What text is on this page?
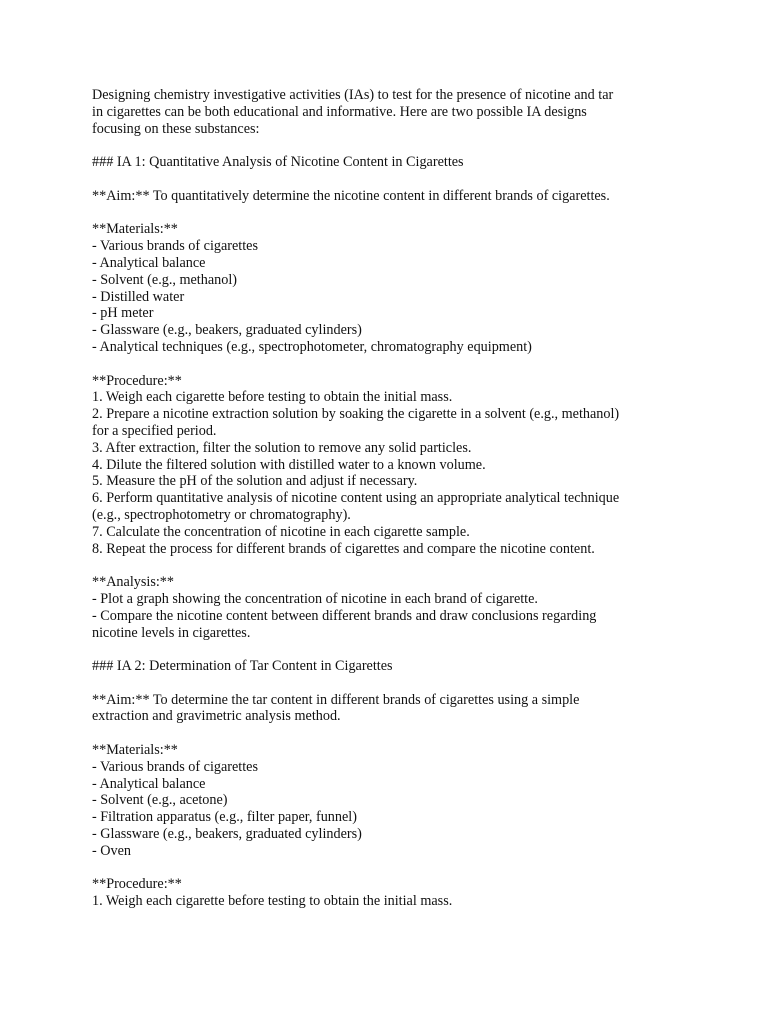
Designing chemistry investigative activities (IAs) to test for the presence of nicotine and tar
in cigarettes can be both educational and informative. Here are two possible IA designs
focusing on these substances:
### IA 1: Quantitative Analysis of Nicotine Content in Cigarettes
**Aim:** To quantitatively determine the nicotine content in different brands of cigarettes.
**Materials:**
- Various brands of cigarettes
- Analytical balance
- Solvent (e.g., methanol)
- Distilled water
- pH meter
- Glassware (e.g., beakers, graduated cylinders)
- Analytical techniques (e.g., spectrophotometer, chromatography equipment)
**Procedure:**
1. Weigh each cigarette before testing to obtain the initial mass.
2. Prepare a nicotine extraction solution by soaking the cigarette in a solvent (e.g., methanol)
for a specified period.
3. After extraction, filter the solution to remove any solid particles.
4. Dilute the filtered solution with distilled water to a known volume.
5. Measure the pH of the solution and adjust if necessary.
6. Perform quantitative analysis of nicotine content using an appropriate analytical technique
(e.g., spectrophotometry or chromatography).
7. Calculate the concentration of nicotine in each cigarette sample.
8. Repeat the process for different brands of cigarettes and compare the nicotine content.
**Analysis:**
- Plot a graph showing the concentration of nicotine in each brand of cigarette.
- Compare the nicotine content between different brands and draw conclusions regarding
nicotine levels in cigarettes.
### IA 2: Determination of Tar Content in Cigarettes
**Aim:** To determine the tar content in different brands of cigarettes using a simple
extraction and gravimetric analysis method.
**Materials:**
- Various brands of cigarettes
- Analytical balance
- Solvent (e.g., acetone)
- Filtration apparatus (e.g., filter paper, funnel)
- Glassware (e.g., beakers, graduated cylinders)
- Oven
**Procedure:**
1. Weigh each cigarette before testing to obtain the initial mass.
